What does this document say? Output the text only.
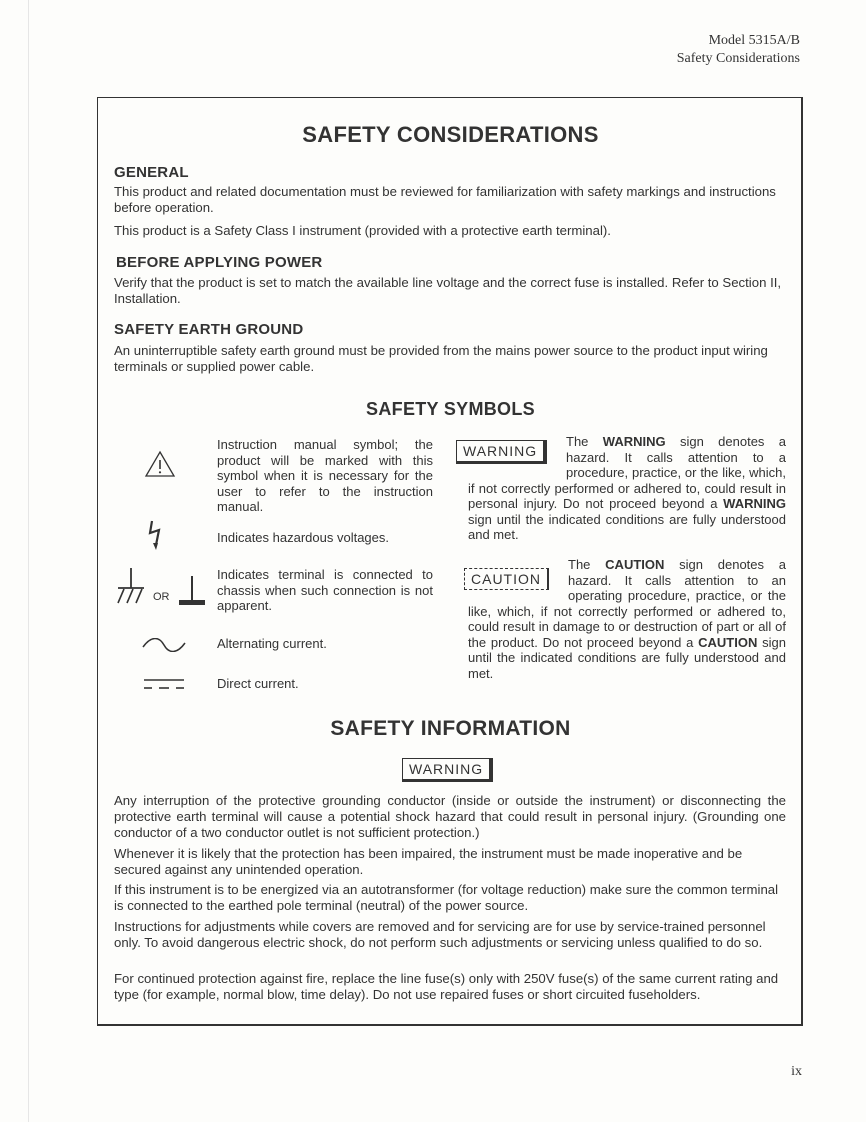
Model 5315A/B
Safety Considerations
SAFETY CONSIDERATIONS
GENERAL

This product and related documentation must be reviewed for familiarization with safety markings and instructions before operation.

This product is a Safety Class I instrument (provided with a protective earth terminal).

BEFORE APPLYING POWER

Verify that the product is set to match the available line voltage and the correct fuse is installed. Refer to Section II, Installation.

SAFETY EARTH GROUND

An uninterruptible safety earth ground must be provided from the mains power source to the product input wiring terminals or supplied power cable.

SAFETY SYMBOLS
Instruction manual symbol; the product will be marked with this symbol when it is necessary for the user to refer to the instruction manual.
Indicates hazardous voltages.
OR
Indicates terminal is connected to chassis when such connection is not apparent.
Alternating current.
Direct current.
WARNING
The WARNING sign denotes a hazard. It calls attention to a procedure, practice, or the like, which, if not correctly performed or adhered to, could result in personal injury. Do not proceed beyond a WARNING sign until the indicated conditions are fully understood and met.
CAUTION
The CAUTION sign denotes a hazard. It calls attention to an operating procedure, practice, or the like, which, if not correctly performed or adhered to, could result in damage to or destruction of part or all of the product. Do not proceed beyond a CAUTION sign until the indicated conditions are fully understood and met.
SAFETY INFORMATION
WARNING

Any interruption of the protective grounding conductor (inside or outside the instrument) or disconnecting the protective earth terminal will cause a potential shock hazard that could result in personal injury. (Grounding one conductor of a two conductor outlet is not sufficient protection.)

Whenever it is likely that the protection has been impaired, the instrument must be made inoperative and be secured against any unintended operation.

If this instrument is to be energized via an autotransformer (for voltage reduction) make sure the common terminal is connected to the earthed pole terminal (neutral) of the power source.

Instructions for adjustments while covers are removed and for servicing are for use by service-trained personnel only. To avoid dangerous electric shock, do not perform such adjustments or servicing unless qualified to do so.

For continued protection against fire, replace the line fuse(s) only with 250V fuse(s) of the same current rating and type (for example, normal blow, time delay). Do not use repaired fuses or short circuited fuseholders.

ix
